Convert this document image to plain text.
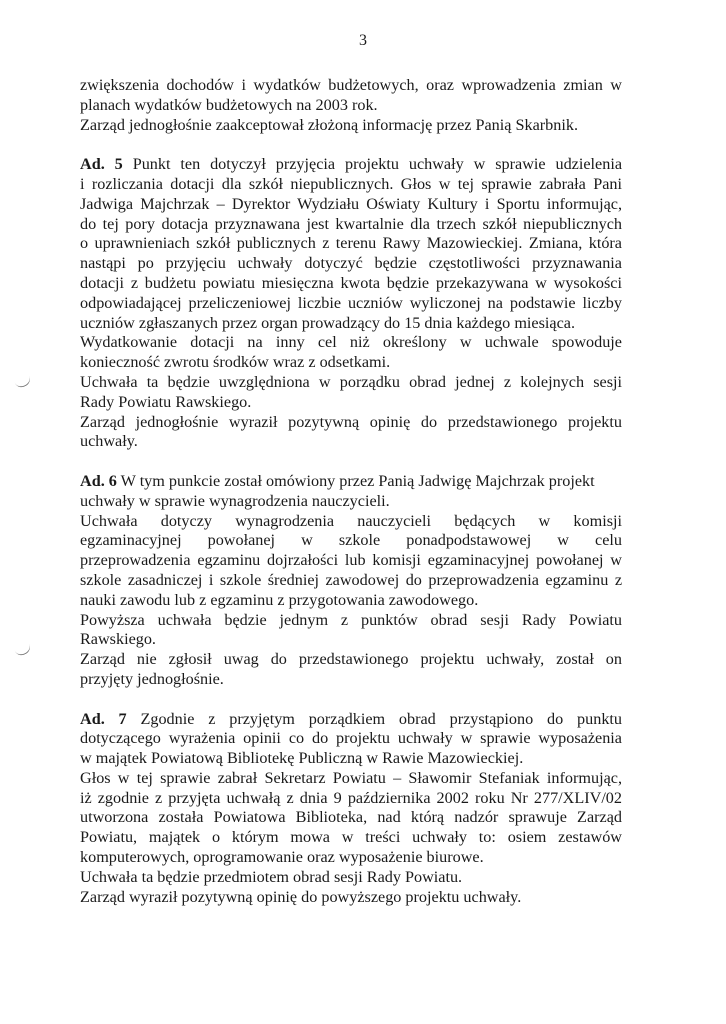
3
zwiększenia dochodów i wydatków budżetowych, oraz wprowadzenia zmian w
planach wydatków budżetowych na 2003 rok.
Zarząd jednogłośnie zaakceptował złożoną informację przez Panią Skarbnik.
Ad. 5 Punkt ten dotyczył przyjęcia projektu uchwały w sprawie udzielenia
i rozliczania dotacji dla szkół niepublicznych. Głos w tej sprawie zabrała Pani
Jadwiga Majchrzak – Dyrektor Wydziału Oświaty Kultury i Sportu informując,
do tej pory dotacja przyznawana jest kwartalnie dla trzech szkół niepublicznych
o uprawnieniach szkół publicznych z terenu Rawy Mazowieckiej. Zmiana, która
nastąpi po przyjęciu uchwały dotyczyć będzie częstotliwości przyznawania
dotacji z budżetu powiatu miesięczna kwota będzie przekazywana w wysokości
odpowiadającej przeliczeniowej liczbie uczniów wyliczonej na podstawie liczby
uczniów zgłaszanych przez organ prowadzący do 15 dnia każdego miesiąca.
Wydatkowanie dotacji na inny cel niż określony w uchwale spowoduje
konieczność zwrotu środków wraz z odsetkami.
Uchwała ta będzie uwzględniona w porządku obrad jednej z kolejnych sesji
Rady Powiatu Rawskiego.
Zarząd jednogłośnie wyraził pozytywną opinię do przedstawionego projektu
uchwały.
Ad. 6 W tym punkcie został omówiony przez Panią Jadwigę Majchrzak projekt
uchwały w sprawie wynagrodzenia nauczycieli.
Uchwała dotyczy wynagrodzenia nauczycieli będących w komisji
egzaminacyjnej powołanej w szkole ponadpodstawowej w celu
przeprowadzenia egzaminu dojrzałości lub komisji egzaminacyjnej powołanej w
szkole zasadniczej i szkole średniej zawodowej do przeprowadzenia egzaminu z
nauki zawodu lub z egzaminu z przygotowania zawodowego.
Powyższa uchwała będzie jednym z punktów obrad sesji Rady Powiatu
Rawskiego.
Zarząd nie zgłosił uwag do przedstawionego projektu uchwały, został on
przyjęty jednogłośnie.
Ad. 7 Zgodnie z przyjętym porządkiem obrad przystąpiono do punktu
dotyczącego wyrażenia opinii co do projektu uchwały w sprawie wyposażenia
w majątek Powiatową Bibliotekę Publiczną w Rawie Mazowieckiej.
Głos w tej sprawie zabrał Sekretarz Powiatu – Sławomir Stefaniak informując,
iż zgodnie z przyjęta uchwałą z dnia 9 października 2002 roku Nr 277/XLIV/02
utworzona została Powiatowa Biblioteka, nad którą nadzór sprawuje Zarząd
Powiatu, majątek o którym mowa w treści uchwały to: osiem zestawów
komputerowych, oprogramowanie oraz wyposażenie biurowe.
Uchwała ta będzie przedmiotem obrad sesji Rady Powiatu.
Zarząd wyraził pozytywną opinię do powyższego projektu uchwały.
